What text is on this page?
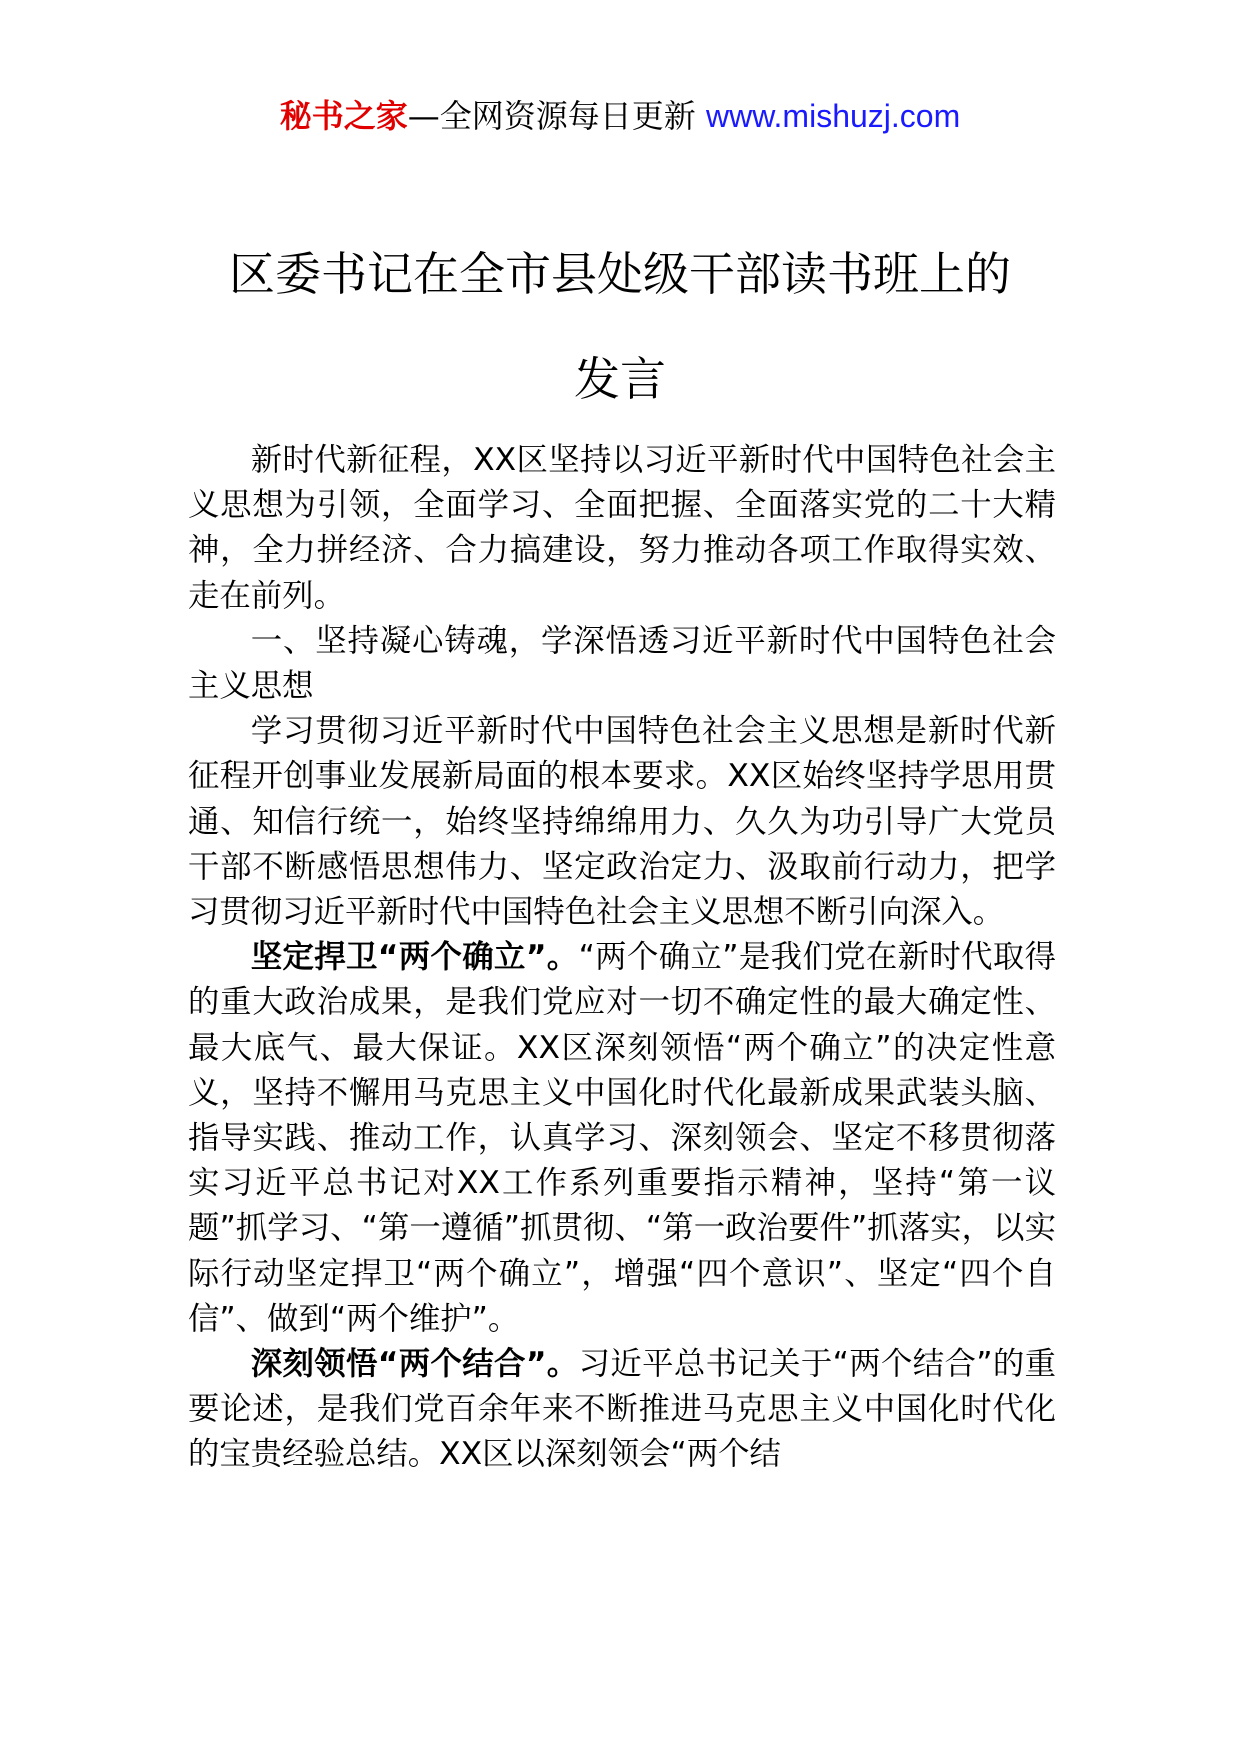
秘书之家—全网资源每日更新 www.mishuzj.com
区委书记在全市县处级干部读书班上的
发言

新时代新征程，XX区坚持以习近平新时代中国特色社会主义思想为引领，全面学习、全面把握、全面落实党的二十大精神，全力拼经济、合力搞建设，努力推动各项工作取得实效、走在前列。

一、坚持凝心铸魂，学深悟透习近平新时代中国特色社会主义思想

学习贯彻习近平新时代中国特色社会主义思想是新时代新征程开创事业发展新局面的根本要求。XX区始终坚持学思用贯通、知信行统一，始终坚持绵绵用力、久久为功引导广大党员干部不断感悟思想伟力、坚定政治定力、汲取前行动力，把学习贯彻习近平新时代中国特色社会主义思想不断引向深入。

坚定捍卫“两个确立”。“两个确立”是我们党在新时代取得的重大政治成果，是我们党应对一切不确定性的最大确定性、最大底气、最大保证。XX区深刻领悟“两个确立”的决定性意义，坚持不懈用马克思主义中国化时代化最新成果武装头脑、指导实践、推动工作，认真学习、深刻领会、坚定不移贯彻落实习近平总书记对XX工作系列重要指示精神，坚持“第一议题”抓学习、“第一遵循”抓贯彻、“第一政治要件”抓落实，以实际行动坚定捍卫“两个确立”，增强“四个意识”、坚定“四个自信”、做到“两个维护”。

深刻领悟“两个结合”。习近平总书记关于“两个结合”的重要论述，是我们党百余年来不断推进马克思主义中国化时代化的宝贵经验总结。XX区以深刻领会“两个结
